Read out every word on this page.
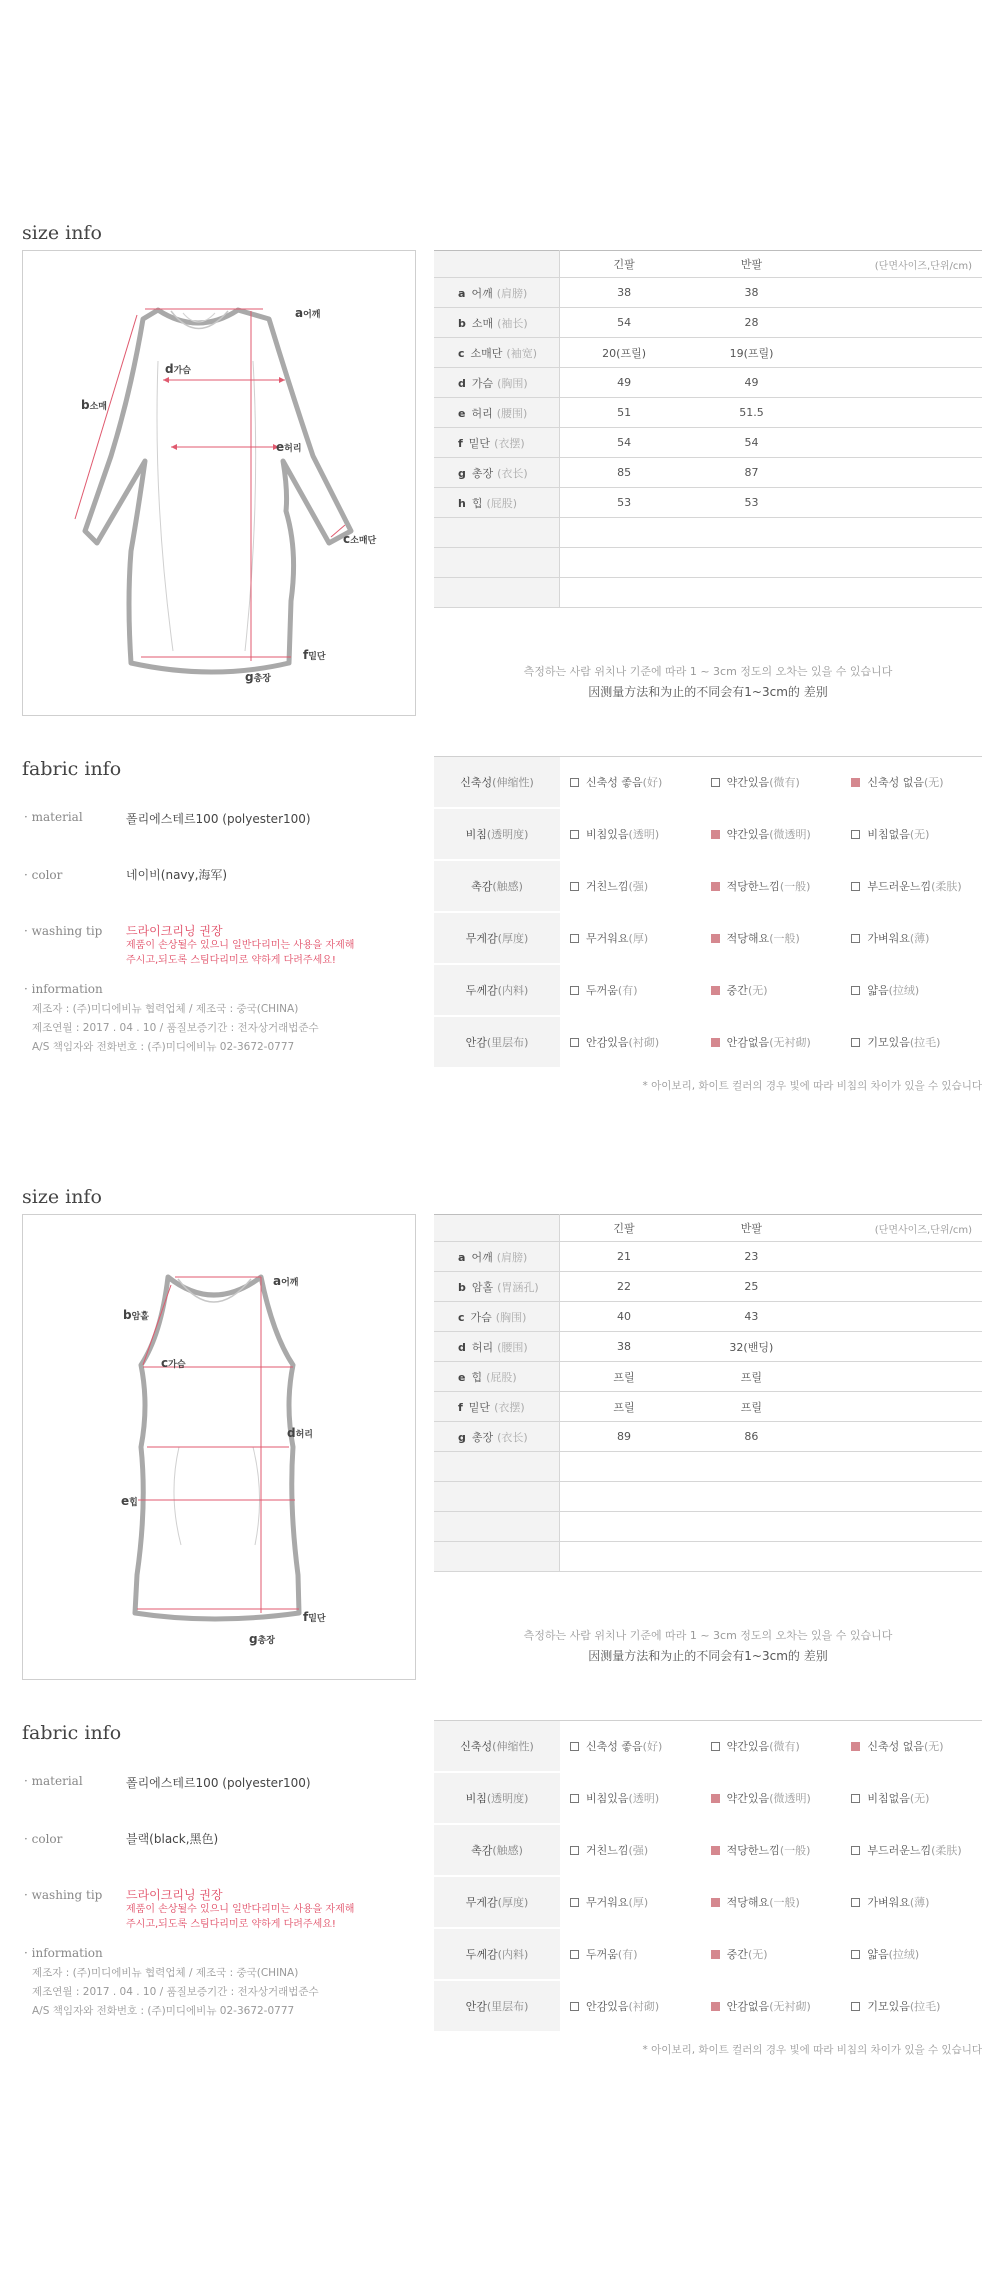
size info
a어깨
b소매
c소매단
d가슴
e허리
f밑단
g총장
	긴팔	반팔	(단면사이즈,단위/cm)
a 어깨 (肩膀)	38	38	
b 소매 (袖长)	54	28	
c 소매단 (袖宽)	20(프릴)	19(프릴)	
d 가슴 (胸围)	49	49	
e 허리 (腰围)	51	51.5	
f 밑단 (衣摆)	54	54	
g 총장 (衣长)	85	87	
h 힙 (屁股)	53	53	

측정하는 사람 위치나 기준에 따라 1 ~ 3cm 정도의 오차는 있을 수 있습니다
因测量方法和为止的不同会有1~3cm的 差别
fabric info
· material	폴리에스테르100 (polyester100)
· color	네이비(navy,海军)
· washing tip 드라이크리닝 권장
제품이 손상될수 있으니 일반다리미는 사용을 자제해 주시고,되도록 스팀다리미로 약하게 다려주세요!
· information
제조자 : (주)미디에비뉴 협력업체 / 제조국 : 중국(CHINA)
제조연월 : 2017 . 04 . 10 / 품질보증기간 : 전자상거래법준수
A/S 책임자와 전화번호 : (주)미디에비뉴 02-3672-0777
신축성(伸缩性)	신축성 좋음(好)	약간있음(微有)	신축성 없음(无)
비침(透明度)	비침있음(透明)	약간있음(微透明)	비침없음(无)
촉감(触感)	거친느낌(强)	적당한느낌(一般)	부드러운느낌(柔肤)
무게감(厚度)	무거워요(厚)	적당해요(一般)	가벼워요(薄)
두께감(内料)	두꺼움(有)	중간(无)	얇음(拉绒)
안감(里层布)	안감있음(衬砌)	안감없음(无衬砌)	기모있음(拉毛)
* 아이보리, 화이트 컬러의 경우 빛에 따라 비침의 차이가 있을 수 있습니다
size info
a어깨
b암홀
c가슴
d허리
e힙
f밑단
g총장
	긴팔	반팔	(단면사이즈,단위/cm)
a 어깨 (肩膀)	21	23	
b 암홀 (胃涵孔)	22	25	
c 가슴 (胸围)	40	43	
d 허리 (腰围)	38	32(밴딩)	
e 힙 (屁股)	프릴	프릴	
f 밑단 (衣摆)	프릴	프릴	
g 총장 (衣长)	89	86	

측정하는 사람 위치나 기준에 따라 1 ~ 3cm 정도의 오차는 있을 수 있습니다
因测量方法和为止的不同会有1~3cm的 差别
fabric info
· material	폴리에스테르100 (polyester100)
· color	블랙(black,黑色)
· washing tip 드라이크리닝 권장
제품이 손상될수 있으니 일반다리미는 사용을 자제해 주시고,되도록 스팀다리미로 약하게 다려주세요!
· information
제조자 : (주)미디에비뉴 협력업체 / 제조국 : 중국(CHINA)
제조연월 : 2017 . 04 . 10 / 품질보증기간 : 전자상거래법준수
A/S 책임자와 전화번호 : (주)미디에비뉴 02-3672-0777
신축성(伸缩性)	신축성 좋음(好)	약간있음(微有)	신축성 없음(无)
비침(透明度)	비침있음(透明)	약간있음(微透明)	비침없음(无)
촉감(触感)	거친느낌(强)	적당한느낌(一般)	부드러운느낌(柔肤)
무게감(厚度)	무거워요(厚)	적당해요(一般)	가벼워요(薄)
두께감(内料)	두꺼움(有)	중간(无)	얇음(拉绒)
안감(里层布)	안감있음(衬砌)	안감없음(无衬砌)	기모있음(拉毛)
* 아이보리, 화이트 컬러의 경우 빛에 따라 비침의 차이가 있을 수 있습니다
